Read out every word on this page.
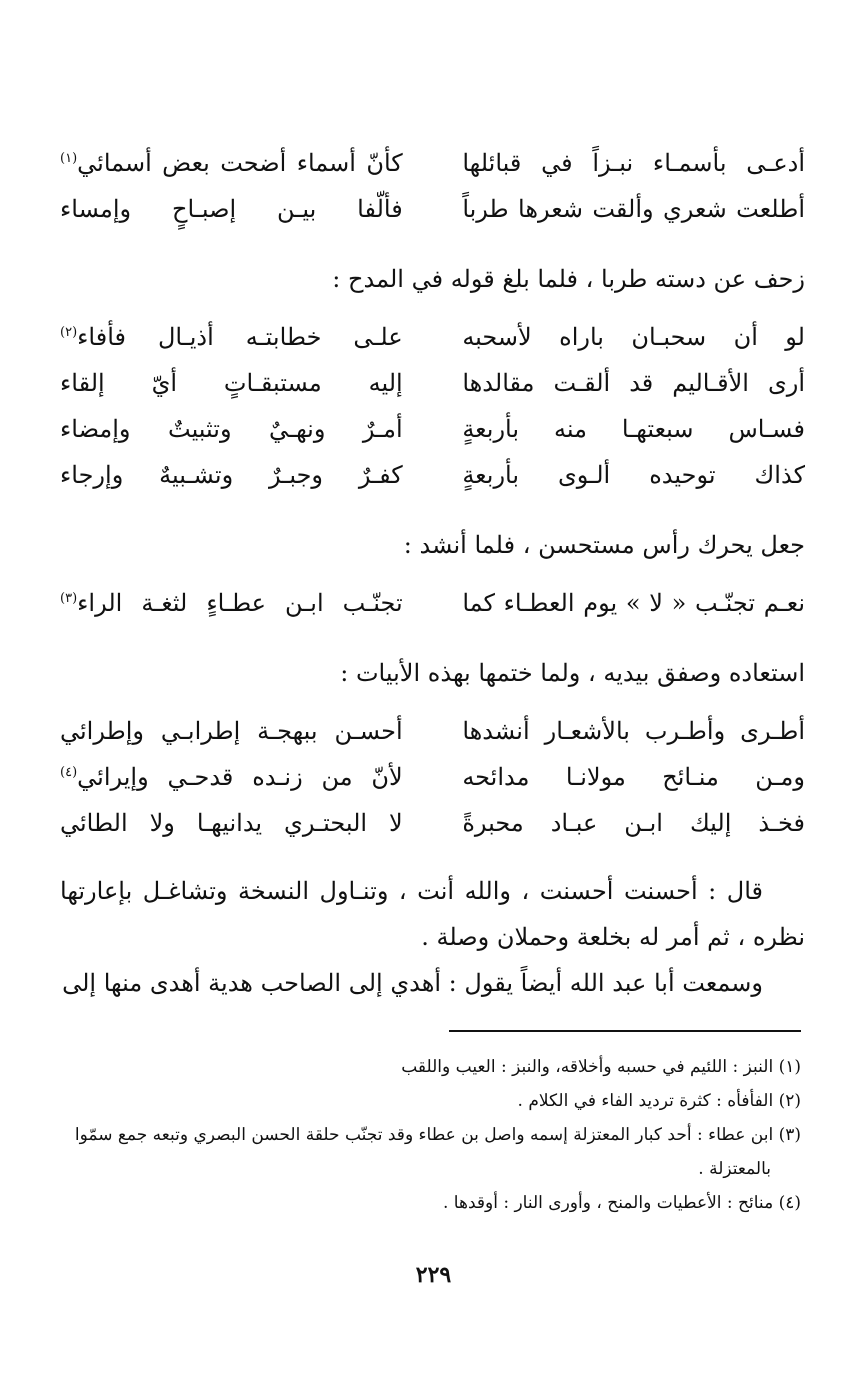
أدعـى بأسمـاء نبـزاً في قبائلها
كأنّ أسماء أضحت بعض أسمائي$^{(١)}$
أطلعت شعري وألقت شعرها طرباً
فألّفا بيـن إصبـاحٍ وإمساء

زحف عن دسته طربا ، فلما بلغ قوله في المدح :

لو أن سحبـان باراه لأسحبه
علـى خطابتـه أذيـال فأفاء$^{(٢)}$
أرى الأقـاليم قد ألقـت مقالدها
إليه مستبقـاتٍ أيّ إلقاء
فسـاس سبعتهـا منه بأربعةٍ
أمـرٌ ونهـيٌ وتثبيتٌ وإمضاء
كذاك توحيده ألـوى بأربعةٍ
كفـرٌ وجبـرٌ وتشـبيهٌ وإرجاء

جعل يحرك رأس مستحسن ، فلما أنشد :

نعـم تجنّـب « لا » يوم العطـاء كما
تجنّـب ابـن عطـاءٍ لثغـة الراء$^{(٣)}$

استعاده وصفق بيديه ، ولما ختمها بهذه الأبيات :

أطـرى وأطـرب بالأشعـار أنشدها
أحسـن ببهجـة إطرابـي وإطرائي
ومـن منـائح مولانـا مدائحه
لأنّ من زنـده قدحـي وإيرائي$^{(٤)}$
فخـذ إليك ابـن عبـاد محبرةً
لا البحتـري يدانيهـا ولا الطائي

قال : أحسنت أحسنت ، والله أنت ، وتنـاول النسخة وتشاغـل بإعارتها نظره ، ثم أمر له بخلعة وحملان وصلة .

وسمعت أبا عبد الله أيضاً يقول : أهدي إلى الصاحب هدية أهدى منها إلى

(١) النبز : اللئيم في حسبه وأخلاقه، والنبز : العيب واللقب

(٢) الفأفأه : كثرة ترديد الفاء في الكلام .

(٣) ابن عطاء : أحد كبار المعتزلة إسمه واصل بن عطاء وقد تجنّب حلقة الحسن البصري وتبعه جمع سمّوا
بالمعتزلة .

(٤) منائح : الأعطيات والمنح ، وأورى النار : أوقدها .

٢٢٩
